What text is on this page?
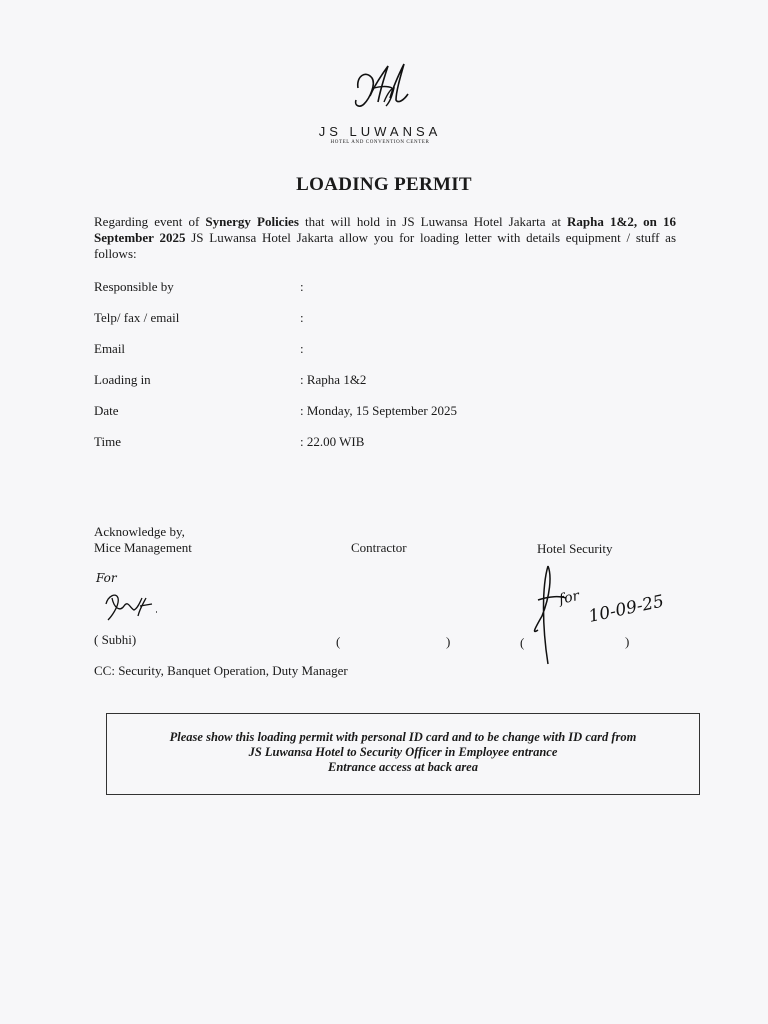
JS LUWANSA
HOTEL AND CONVENTION CENTER
LOADING PERMIT
Regarding event of Synergy Policies that will hold in JS Luwansa Hotel Jakarta at Rapha 1&2, on 16 September 2025 JS Luwansa Hotel Jakarta allow you for loading letter with details equipment / stuff as follows:
Responsible by	:
Telp/ fax / email	:
Email	:
Loading in	: Rapha 1&2
Date	: Monday, 15 September 2025
Time	: 22.00 WIB
Acknowledge by,
Mice Management	Contractor	Hotel Security
For
for 10-09-25
( Subhi)	(	)	(	)
CC: Security, Banquet Operation, Duty Manager
Please show this loading permit with personal ID card and to be change with ID card from
JS Luwansa Hotel to Security Officer in Employee entrance
Entrance access at back area
